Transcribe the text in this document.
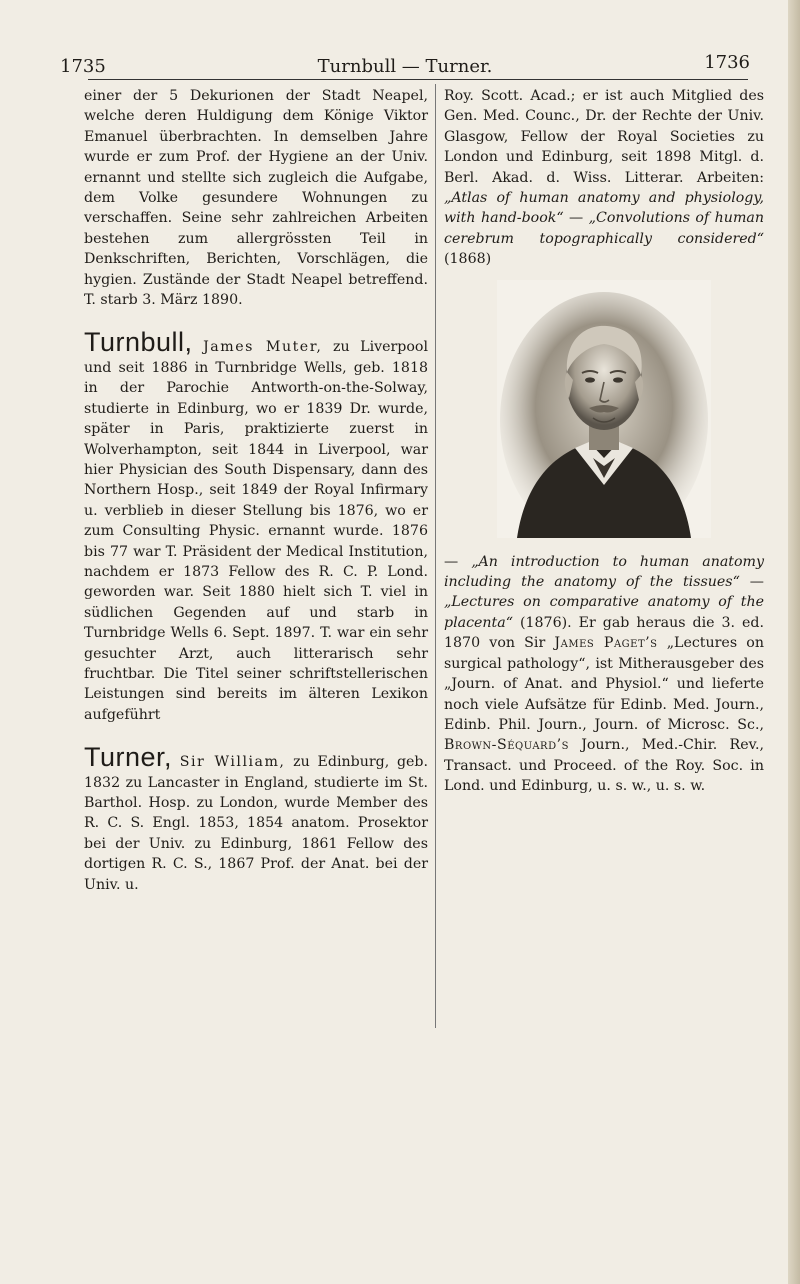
1735	Turnbull — Turner.	1736

einer der 5 Dekurionen der Stadt Neapel, welche deren Huldigung dem Könige Viktor Emanuel überbrachten. In demselben Jahre wurde er zum Prof. der Hygiene an der Univ. ernannt und stellte sich zugleich die Aufgabe, dem Volke gesundere Wohnungen zu verschaffen. Seine sehr zahlreichen Arbeiten bestehen zum allergrössten Teil in Denkschriften, Berichten, Vorschlägen, die hygien. Zustände der Stadt Neapel betreffend. T. starb 3. März 1890.

Turnbull, James Muter, zu Liverpool und seit 1886 in Turnbridge Wells, geb. 1818 in der Parochie Antworth-on-the-Solway, studierte in Edinburg, wo er 1839 Dr. wurde, später in Paris, praktizierte zuerst in Wolverhampton, seit 1844 in Liverpool, war hier Physician des South Dispensary, dann des Northern Hosp., seit 1849 der Royal Infirmary u. verblieb in dieser Stellung bis 1876, wo er zum Consulting Physic. ernannt wurde. 1876 bis 77 war T. Präsident der Medical Institution, nachdem er 1873 Fellow des R. C. P. Lond. geworden war. Seit 1880 hielt sich T. viel in südlichen Gegenden auf und starb in Turnbridge Wells 6. Sept. 1897. T. war ein sehr gesuchter Arzt, auch litterarisch sehr fruchtbar. Die Titel seiner schriftstellerischen Leistungen sind bereits im älteren Lexikon aufgeführt

Turner, Sir William, zu Edinburg, geb. 1832 zu Lancaster in England, studierte im St. Barthol. Hosp. zu London, wurde Member des R. C. S. Engl. 1853, 1854 anatom. Prosektor bei der Univ. zu Edinburg, 1861 Fellow des dortigen R. C. S., 1867 Prof. der Anat. bei der Univ. u.

Roy. Scott. Acad.; er ist auch Mitglied des Gen. Med. Counc., Dr. der Rechte der Univ. Glasgow, Fellow der Royal Societies zu London und Edinburg, seit 1898 Mitgl. d. Berl. Akad. d. Wiss. Litterar. Arbeiten: „Atlas of human anatomy and physiology, with hand-book“ — „Convolutions of human cerebrum topographically considered“ (1868)

— „An introduction to human anatomy including the anatomy of the tissues“ — „Lectures on comparative anatomy of the placenta“ (1876). Er gab heraus die 3. ed. 1870 von Sir James Paget’s „Lectures on surgical pathology“, ist Mitherausgeber des „Journ. of Anat. and Physiol.“ und lieferte noch viele Aufsätze für Edinb. Med. Journ., Edinb. Phil. Journ., Journ. of Microsc. Sc., Brown-Séquard’s Journ., Med.-Chir. Rev., Transact. und Proceed. of the Roy. Soc. in Lond. und Edinburg, u. s. w., u. s. w.
